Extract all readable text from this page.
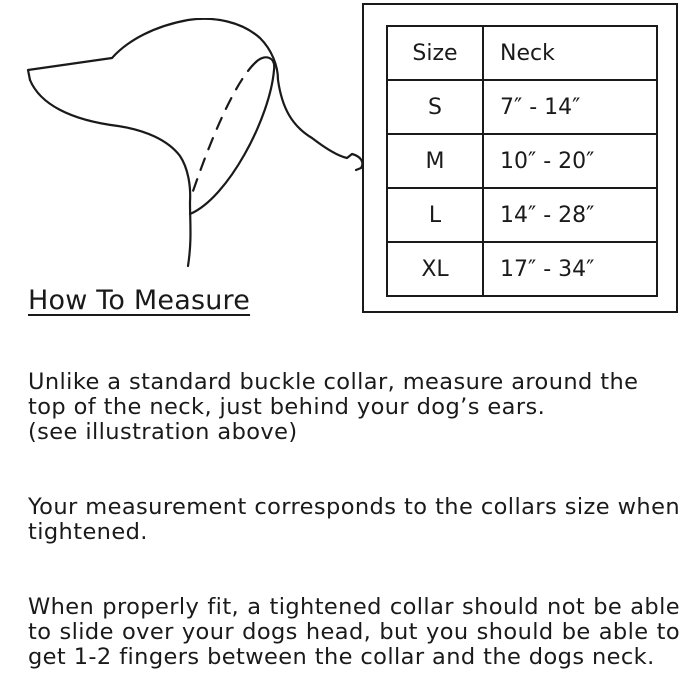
Size	Neck
S	7″ - 14″
M	10″ - 20″
L	14″ - 28″
XL	17″ - 34″
How To Measure

Unlike a standard buckle collar, measure around the top of the neck, just behind your dog’s ears.
(see illustration above)

Your measurement corresponds to the collars size when tightened.

When properly fit, a tightened collar should not be able to slide over your dogs head, but you should be able to get 1-2 fingers between the collar and the dogs neck.
